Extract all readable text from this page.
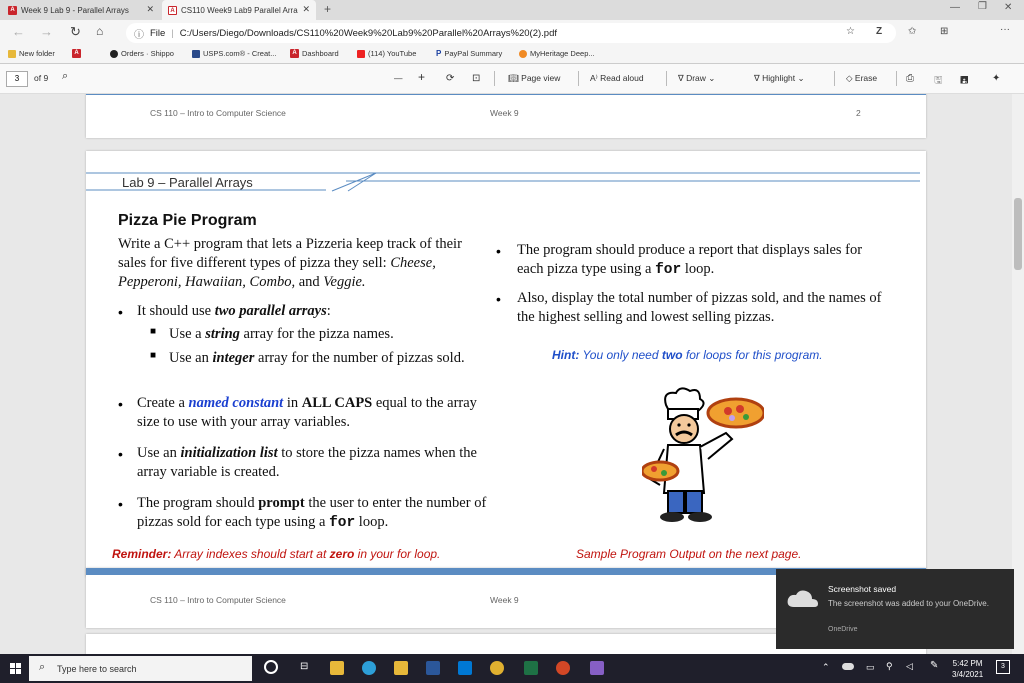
A Week 9 Lab 9 - Parallel Arrays ✕	A CS110 Week9 Lab9 Parallel Arra ✕ +	— ❐ ✕
← → ↻ ⌂	ⓘ File | C:/Users/Diego/Downloads/CS110%20Week9%20Lab9%20Parallel%20Arrays%20(2).pdf	☆ Z	✩ ⊞	···
New folder	A	Orders · Shippo	USPS.com® - Creat...	A Dashboard	(114) YouTube P PayPal Summary	MyHeritage Deep...
3	of 9 ⌕	— + ⟳ ⊡	📖︎ Page view	A⁾ Read aloud	∇ Draw ⌄	∇ Highlight ⌄	◇ Erase	⎙ 🖫︎ 🖪︎ ✦
CS 110 – Intro to Computer Science	Week 9	2
Lab 9 – Parallel Arrays
Pizza Pie Program
Write a C++ program that lets a Pizzeria keep track of their sales for five different types of pizza they sell: Cheese, Pepperoni, Hawaiian, Combo, and Veggie.
• It should use two parallel arrays:
■ Use a string array for the pizza names.
■ Use an integer array for the number of pizzas sold.
• Create a named constant in ALL CAPS equal to the array size to use with your array variables.
• Use an initialization list to store the pizza names when the array variable is created.
• The program should prompt the user to enter the number of pizzas sold for each type using a for loop.
• The program should produce a report that displays sales for each pizza type using a for loop.
• Also, display the total number of pizzas sold, and the names of the highest selling and lowest selling pizzas.
Hint: You only need two for loops for this program.
Reminder: Array indexes should start at zero in your for loop.	Sample Program Output on the next page.
CS 110 – Intro to Computer Science	Week 9
Screenshot saved
The screenshot was added to your OneDrive.
OneDrive
⌕ Type here to search	⊟	⌃	▭ ⚲ ◁ ✎ 5:42 PM
3/4/2021
3
